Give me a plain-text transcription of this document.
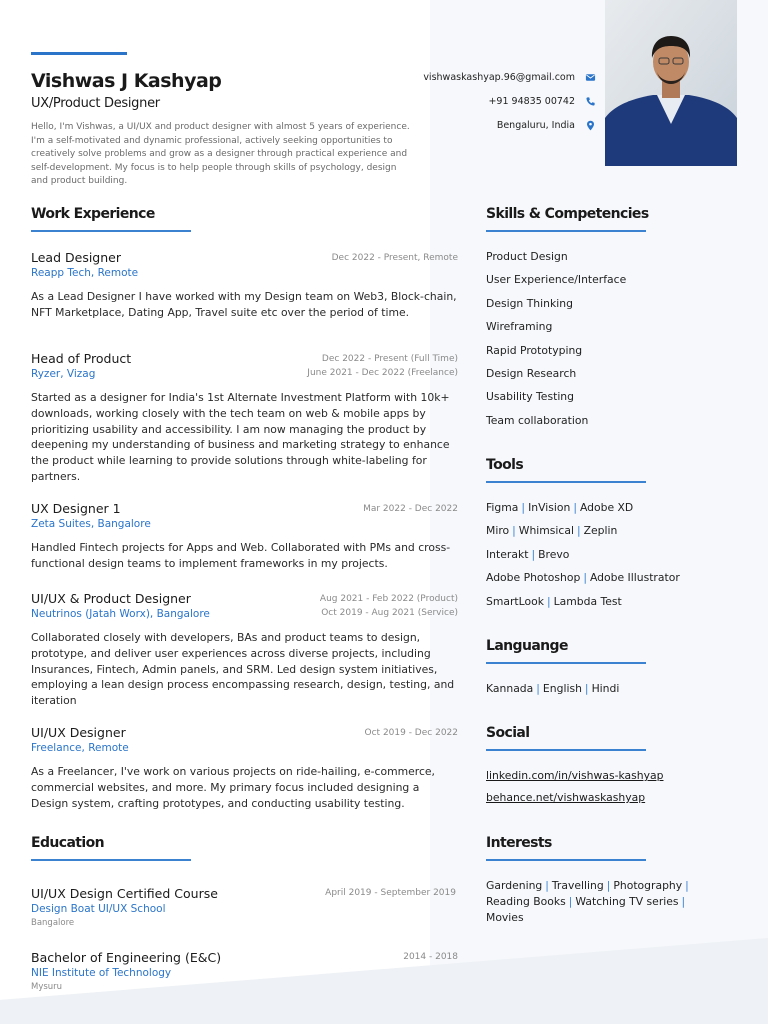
Vishwas J Kashyap
UX/Product Designer
Hello, I'm Vishwas, a UI/UX and product designer with almost 5 years of experience. I'm a self-motivated and dynamic professional, actively seeking opportunities to creatively solve problems and grow as a designer through practical experience and self-development. My focus is to help people through skills of psychology, design and product building.
vishwaskashyap.96@gmail.com
+91 94835 00742
Bengaluru, India
Work Experience
Lead Designer
Reapp Tech, Remote
Dec 2022 - Present, Remote
As a Lead Designer I have worked with my Design team on Web3, Block-chain, NFT Marketplace, Dating App, Travel suite etc over the period of time.
Head of Product
Ryzer, Vizag
Dec 2022 - Present (Full Time)
June 2021 - Dec 2022 (Freelance)
Started as a designer for India's 1st Alternate Investment Platform with 10k+ downloads, working closely with the tech team on web & mobile apps by prioritizing usability and accessibility. I am now managing the product by deepening my understanding of business and marketing strategy to enhance the product while learning to provide solutions through white-labeling for partners.
UX Designer 1
Zeta Suites, Bangalore
Mar 2022 - Dec 2022
Handled Fintech projects for Apps and Web. Collaborated with PMs and cross-functional design teams to implement frameworks in my projects.
UI/UX & Product Designer
Neutrinos (Jatah Worx), Bangalore
Aug 2021 - Feb 2022 (Product)
Oct 2019 - Aug 2021 (Service)
Collaborated closely with developers, BAs and product teams to design, prototype, and deliver user experiences across diverse projects, including Insurances, Fintech, Admin panels, and SRM. Led design system initiatives, employing a lean design process encompassing research, design, testing, and iteration
UI/UX Designer
Freelance, Remote
Oct 2019 - Dec 2022
As a Freelancer, I've work on various projects on ride-hailing, e-commerce, commercial websites, and more. My primary focus included designing a Design system, crafting prototypes, and conducting usability testing.
Education
UI/UX Design Certified Course
Design Boat UI/UX School
Bangalore
April 2019 - September 2019
Bachelor of Engineering (E&C)
NIE Institute of Technology
Mysuru
2014 - 2018
Skills & Competencies
Product Design
User Experience/Interface
Design Thinking
Wireframing
Rapid Prototyping
Design Research
Usability Testing
Team collaboration
Tools
Figma | InVision | Adobe XD
Miro | Whimsical | Zeplin
Interakt | Brevo
Adobe Photoshop | Adobe Illustrator
SmartLook | Lambda Test
Languange
Kannada | English | Hindi
Social
linkedin.com/in/vishwas-kashyap
behance.net/vishwaskashyap
Interests
Gardening | Travelling | Photography |
Reading Books | Watching TV series |
Movies
